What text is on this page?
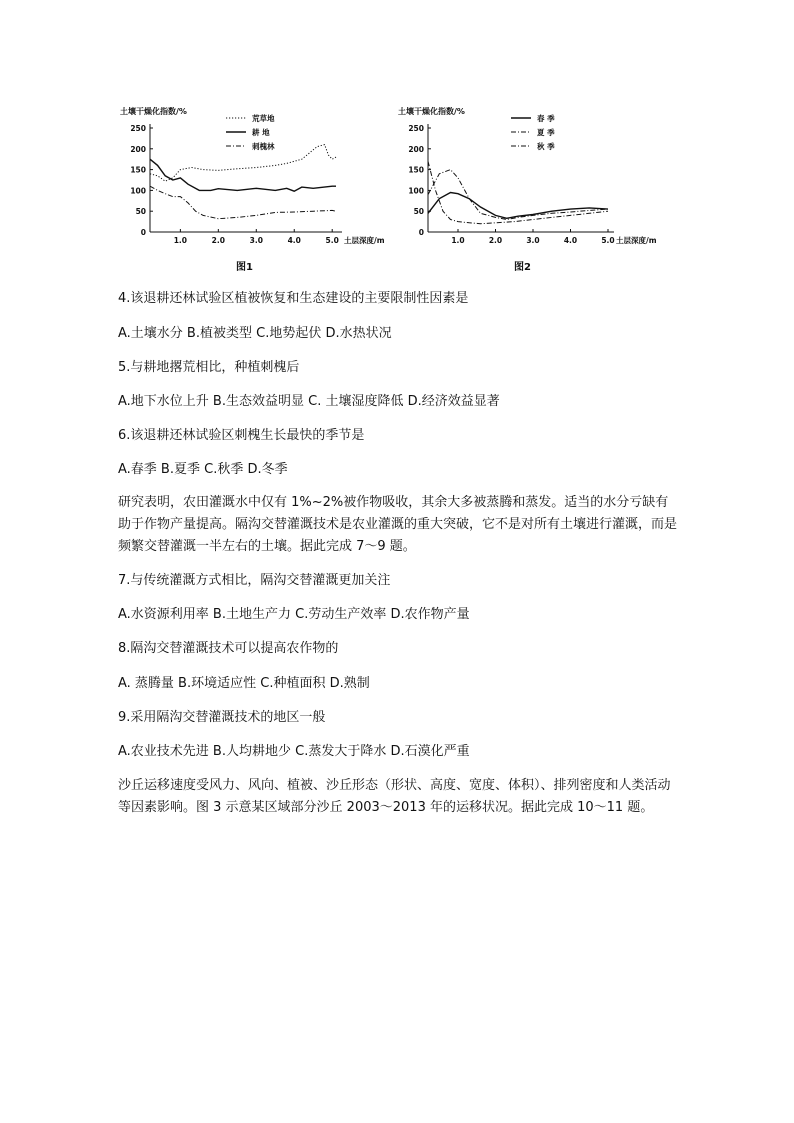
土壤干燥化指数/%
0
50
100
150
200
250
1.0	2.0	3.0	4.0	5.0 土层深度/m
荒草地
耕 地
刺槐林
图1
土壤干燥化指数/%
0
50
100
150
200
250
1.0	2.0	3.0	4.0	5.0 土层深度/m
春 季
夏 季
秋 季
图2
4.该退耕还林试验区植被恢复和生态建设的主要限制性因素是
A.土壤水分 B.植被类型 C.地势起伏 D.水热状况
5.与耕地撂荒相比，种植刺槐后
A.地下水位上升 B.生态效益明显 C. 土壤湿度降低 D.经济效益显著
6.该退耕还林试验区刺槐生长最快的季节是
A.春季 B.夏季 C.秋季 D.冬季
研究表明，农田灌溉水中仅有 1%~2%被作物吸收，其余大多被蒸腾和蒸发。适当的水分亏缺有助于作物产量提高。隔沟交替灌溉技术是农业灌溉的重大突破，它不是对所有土壤进行灌溉，而是频繁交替灌溉一半左右的土壤。据此完成 7～9 题。
7.与传统灌溉方式相比，隔沟交替灌溉更加关注
A.水资源利用率 B.土地生产力 C.劳动生产效率 D.农作物产量
8.隔沟交替灌溉技术可以提高农作物的
A. 蒸腾量 B.环境适应性 C.种植面积 D.熟制
9.采用隔沟交替灌溉技术的地区一般
A.农业技术先进 B.人均耕地少 C.蒸发大于降水 D.石漠化严重
沙丘运移速度受风力、风向、植被、沙丘形态（形状、高度、宽度、体积）、排列密度和人类活动等因素影响。图 3 示意某区域部分沙丘 2003～2013 年的运移状况。据此完成 10～11 题。
